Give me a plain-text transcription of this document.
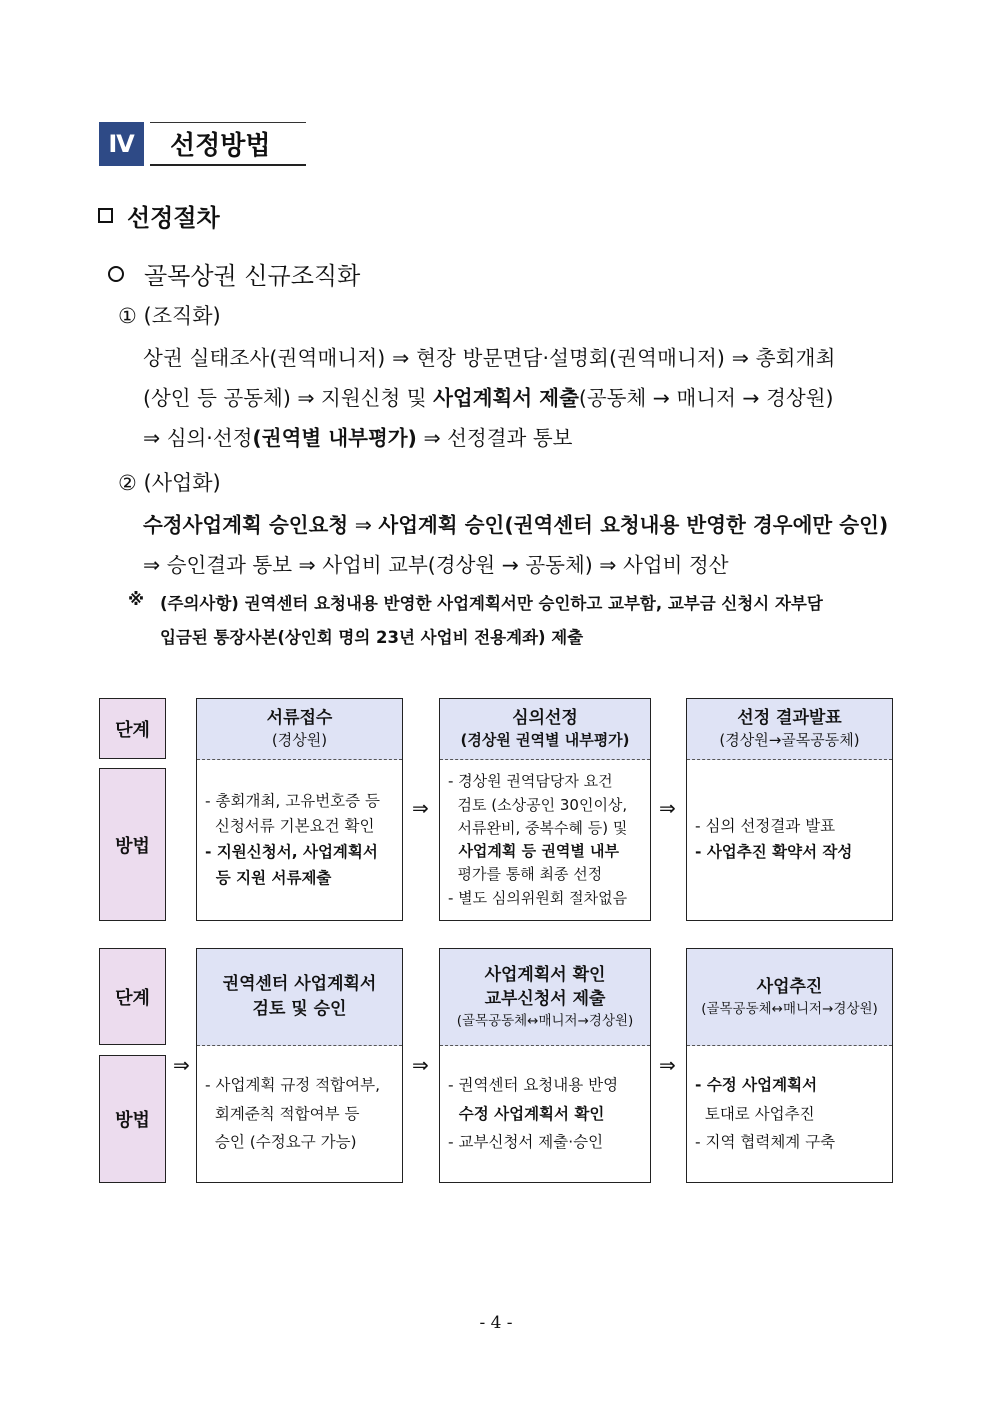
Ⅳ	선정방법
선정절차
골목상권 신규조직화
① (조직화)
상권 실태조사(권역매니저) ⇒ 현장 방문면담·설명회(권역매니저) ⇒ 총회개최
(상인 등 공동체) ⇒ 지원신청 및 사업계획서 제출(공동체 → 매니저 → 경상원)
⇒ 심의·선정(권역별 내부평가) ⇒ 선정결과 통보
② (사업화)
수정사업계획 승인요청 ⇒ 사업계획 승인(권역센터 요청내용 반영한 경우에만 승인)
⇒ 승인결과 통보 ⇒ 사업비 교부(경상원 → 공동체) ⇒ 사업비 정산
※ (주의사항) 권역센터 요청내용 반영한 사업계획서만 승인하고 교부함, 교부금 신청시 자부담
입금된 통장사본(상인회 명의 23년 사업비 전용계좌) 제출
단계
방법
서류접수
(경상원)
- 총회개최, 고유번호증 등
신청서류 기본요건 확인
- 지원신청서, 사업계획서
등 지원 서류제출
⇒
심의선정
(경상원 권역별 내부평가)
- 경상원 권역담당자 요건
검토 (소상공인 30인이상,
서류완비, 중복수혜 등) 및
사업계획 등 권역별 내부
평가를 통해 최종 선정
- 별도 심의위원회 절차없음
⇒
선정 결과발표
(경상원→골목공동체)
- 심의 선정결과 발표
- 사업추진 확약서 작성
단계
방법
⇒
권역센터 사업계획서
검토 및 승인
- 사업계획 규정 적합여부,
회계준칙 적합여부 등
승인 (수정요구 가능)
⇒
사업계획서 확인
교부신청서 제출
(골목공동체↔매니저→경상원)
- 권역센터 요청내용 반영
수정 사업계획서 확인
- 교부신청서 제출·승인
⇒
사업추진
(골목공동체↔매니저→경상원)
- 수정 사업계획서
토대로 사업추진
- 지역 협력체계 구축
- 4 -
